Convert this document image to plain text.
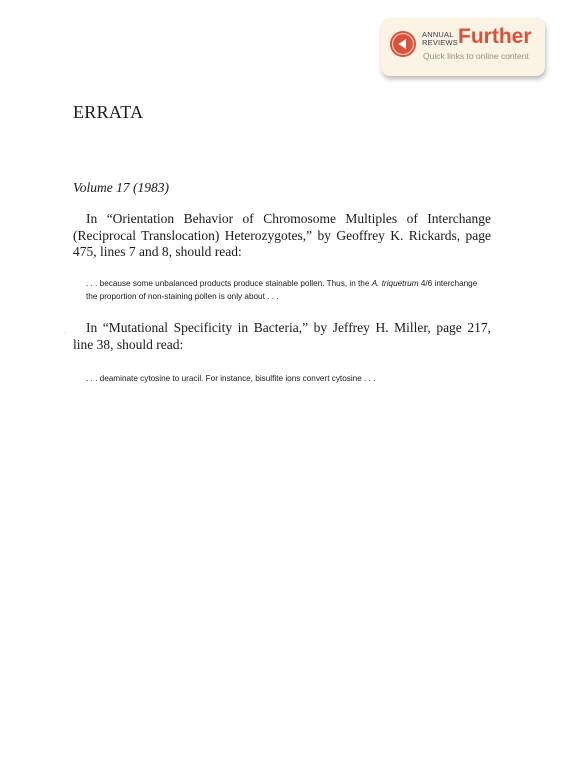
ANNUAL
REVIEWS Further
Quick links to online content
ERRATA
Volume 17 (1983)

In “Orientation Behavior of Chromosome Multiples of Interchange (Reciprocal Translocation) Heterozygotes,” by Geoffrey K. Rickards, page 475, lines 7 and 8, should read:

. . . because some unbalanced products produce stainable pollen. Thus, in the A. triquetrum 4/6 interchange the proportion of non-staining pollen is only about . . .

ˏ	In “Mutational Specificity in Bacteria,” by Jeffrey H. Miller, page 217, line 38, should read:

. . . deaminate cytosine to uracil. For instance, bisulfite ions convert cytosine . . .
